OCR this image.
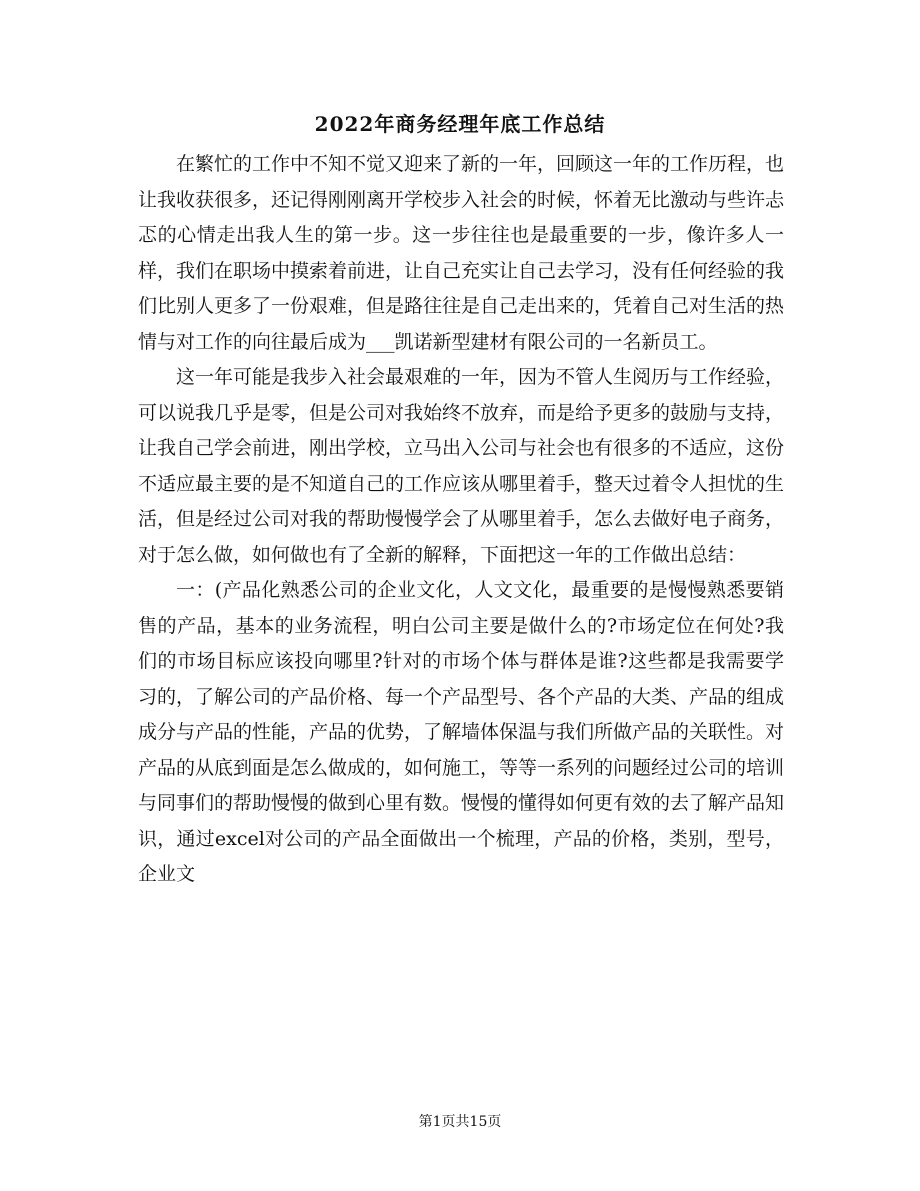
2022年商务经理年底工作总结

在繁忙的工作中不知不觉又迎来了新的一年，回顾这一年的工作历程，也让我收获很多，还记得刚刚离开学校步入社会的时候，怀着无比激动与些许忐忑的心情走出我人生的第一步。这一步往往也是最重要的一步，像许多人一样，我们在职场中摸索着前进，让自己充实让自己去学习，没有任何经验的我们比别人更多了一份艰难，但是路往往是自己走出来的，凭着自己对生活的热情与对工作的向往最后成为___凯诺新型建材有限公司的一名新员工。

这一年可能是我步入社会最艰难的一年，因为不管人生阅历与工作经验，可以说我几乎是零，但是公司对我始终不放弃，而是给予更多的鼓励与支持，让我自己学会前进，刚出学校，立马出入公司与社会也有很多的不适应，这份不适应最主要的是不知道自己的工作应该从哪里着手，整天过着令人担忧的生活，但是经过公司对我的帮助慢慢学会了从哪里着手，怎么去做好电子商务，对于怎么做，如何做也有了全新的解释，下面把这一年的工作做出总结：

一：(产品化熟悉公司的企业文化，人文文化，最重要的是慢慢熟悉要销售的产品，基本的业务流程，明白公司主要是做什么的?市场定位在何处?我们的市场目标应该投向哪里?针对的市场个体与群体是谁?这些都是我需要学习的，了解公司的产品价格、每一个产品型号、各个产品的大类、产品的组成成分与产品的性能，产品的优势，了解墙体保温与我们所做产品的关联性。对产品的从底到面是怎么做成的，如何施工，等等一系列的问题经过公司的培训与同事们的帮助慢慢的做到心里有数。慢慢的懂得如何更有效的去了解产品知识，通过excel对公司的产品全面做出一个梳理，产品的价格，类别，型号，企业文

第1页共15页
